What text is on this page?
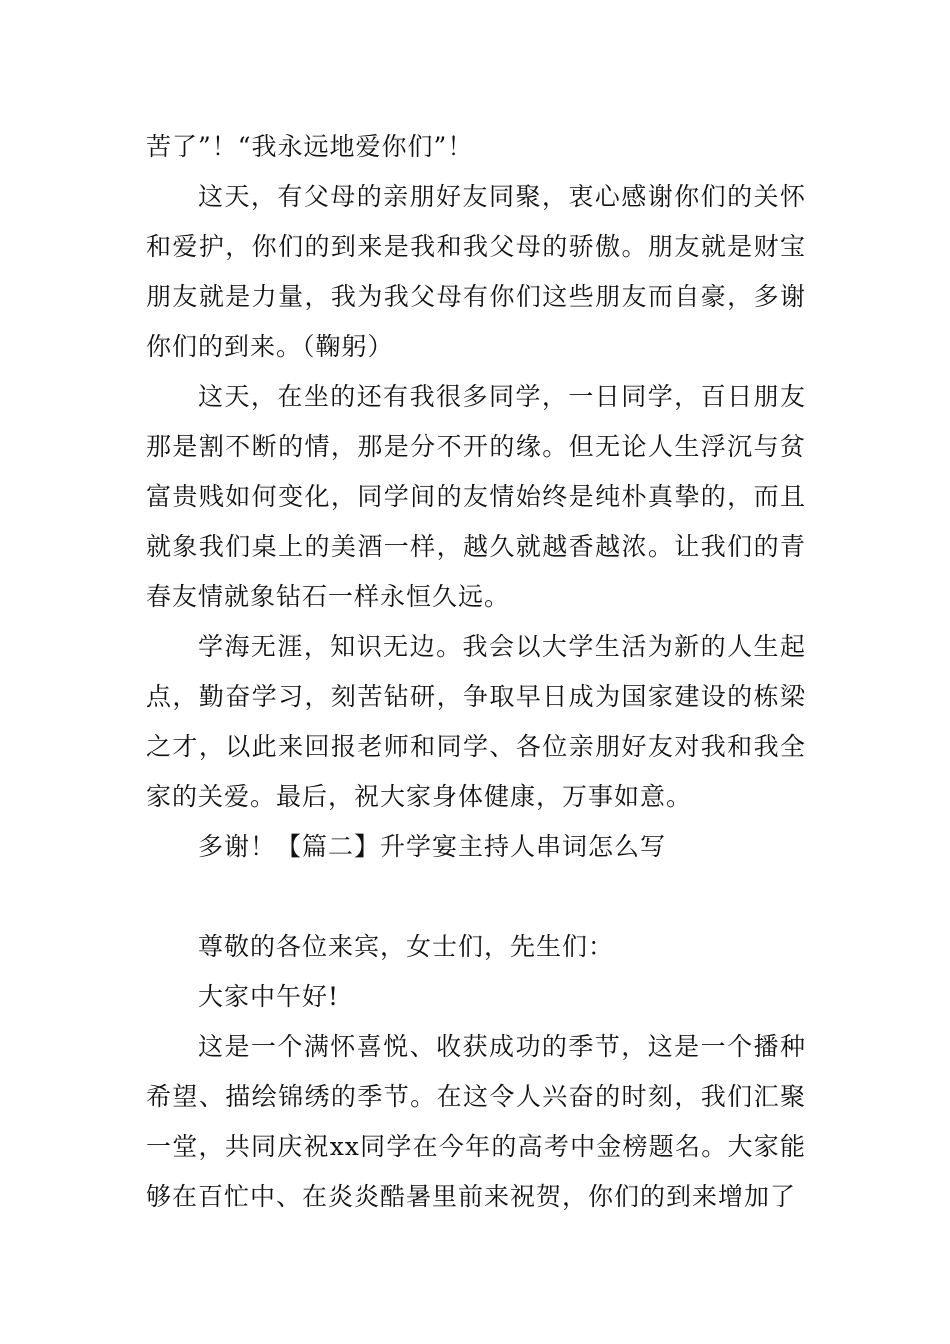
苦了”！“我永远地爱你们”！

这天，有父母的亲朋好友同聚，衷心感谢你们的关怀和爱护，你们的到来是我和我父母的骄傲。朋友就是财宝朋友就是力量，我为我父母有你们这些朋友而自豪，多谢你们的到来。（鞠躬）

这天，在坐的还有我很多同学，一日同学，百日朋友那是割不断的情，那是分不开的缘。但无论人生浮沉与贫富贵贱如何变化，同学间的友情始终是纯朴真挚的，而且就象我们桌上的美酒一样，越久就越香越浓。让我们的青春友情就象钻石一样永恒久远。

学海无涯，知识无边。我会以大学生活为新的人生起点，勤奋学习，刻苦钻研，争取早日成为国家建设的栋梁之才，以此来回报老师和同学、各位亲朋好友对我和我全家的关爱。最后，祝大家身体健康，万事如意。

多谢！【篇二】升学宴主持人串词怎么写

尊敬的各位来宾，女士们，先生们：

大家中午好!

这是一个满怀喜悦、收获成功的季节，这是一个播种希望、描绘锦绣的季节。在这令人兴奋的时刻，我们汇聚一堂，共同庆祝xx同学在今年的高考中金榜题名。大家能够在百忙中、在炎炎酷暑里前来祝贺，你们的到来增加了
